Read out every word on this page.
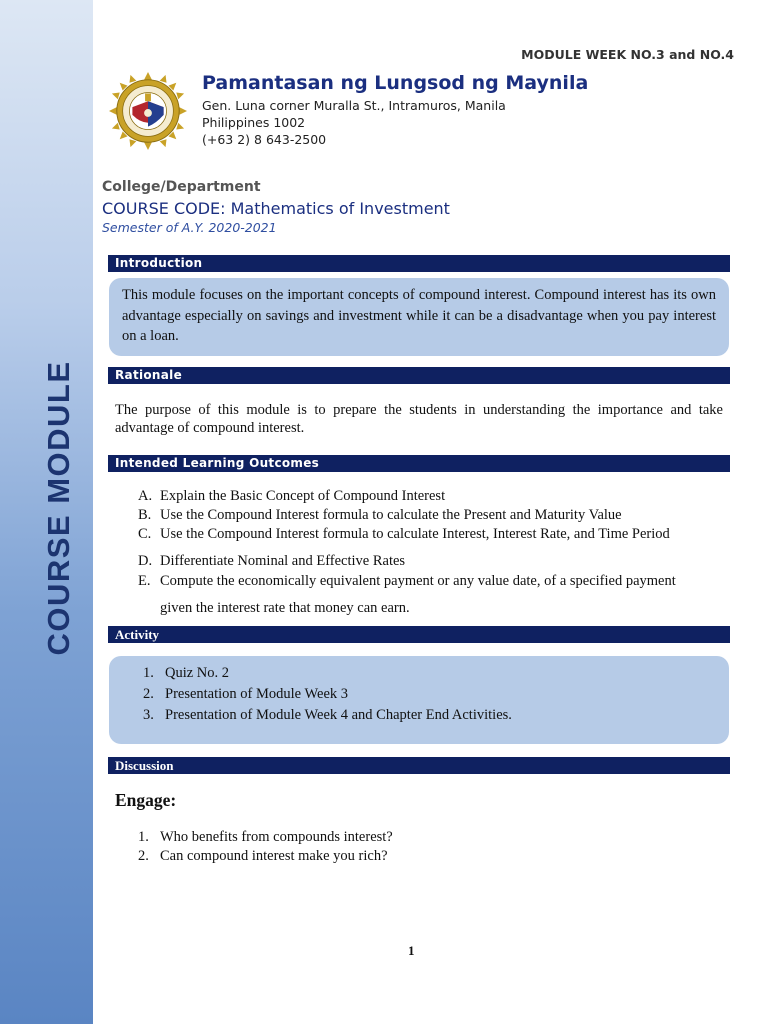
COURSE MODULE
MODULE WEEK NO.3 and NO.4
Pamantasan ng Lungsod ng Maynila
Gen. Luna corner Muralla St., Intramuros, Manila
Philippines 1002
(+63 2) 8 643-2500
College/Department
COURSE CODE: Mathematics of Investment
Semester of A.Y. 2020-2021
Introduction
This module focuses on the important concepts of compound interest. Compound interest has its own advantage especially on savings and investment while it can be a disadvantage when you pay interest on a loan.
Rationale
The purpose of this module is to prepare the students in understanding the importance and take advantage of compound interest.
Intended Learning Outcomes
A. Explain the Basic Concept of Compound Interest
B. Use the Compound Interest formula to calculate the Present and Maturity Value
C. Use the Compound Interest formula to calculate Interest, Interest Rate, and Time Period
D. Differentiate Nominal and Effective Rates
E. Compute the economically equivalent payment or any value date, of a specified payment
given the interest rate that money can earn.
Activity
1. Quiz No. 2
2. Presentation of Module Week 3
3. Presentation of Module Week 4 and Chapter End Activities.
Discussion
Engage:
1. Who benefits from compounds interest?
2. Can compound interest make you rich?
1
